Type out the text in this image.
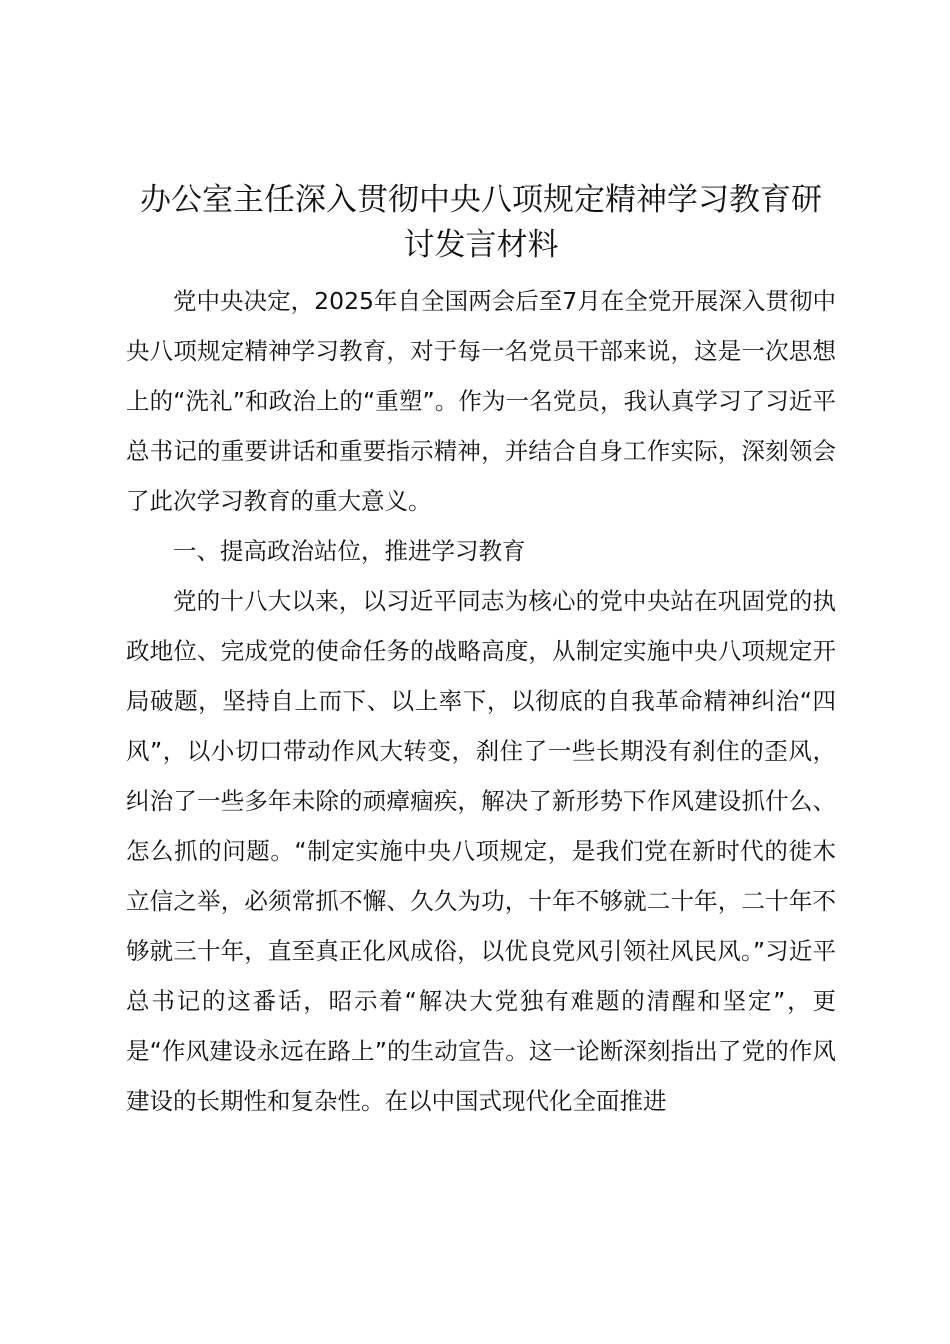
办公室主任深入贯彻中央八项规定精神学习教育研讨发言材料

党中央决定，2025年自全国两会后至7月在全党开展深入贯彻中央八项规定精神学习教育，对于每一名党员干部来说，这是一次思想上的“洗礼”和政治上的“重塑”。作为一名党员，我认真学习了习近平总书记的重要讲话和重要指示精神，并结合自身工作实际，深刻领会了此次学习教育的重大意义。

一、提高政治站位，推进学习教育

党的十八大以来，以习近平同志为核心的党中央站在巩固党的执政地位、完成党的使命任务的战略高度，从制定实施中央八项规定开局破题，坚持自上而下、以上率下，以彻底的自我革命精神纠治“四风”，以小切口带动作风大转变，刹住了一些长期没有刹住的歪风，纠治了一些多年未除的顽瘴痼疾，解决了新形势下作风建设抓什么、怎么抓的问题。“制定实施中央八项规定，是我们党在新时代的徙木立信之举，必须常抓不懈、久久为功，十年不够就二十年，二十年不够就三十年，直至真正化风成俗，以优良党风引领社风民风。”习近平总书记的这番话，昭示着“解决大党独有难题的清醒和坚定”，更是“作风建设永远在路上”的生动宣告。这一论断深刻指出了党的作风建设的长期性和复杂性。在以中国式现代化全面推进
